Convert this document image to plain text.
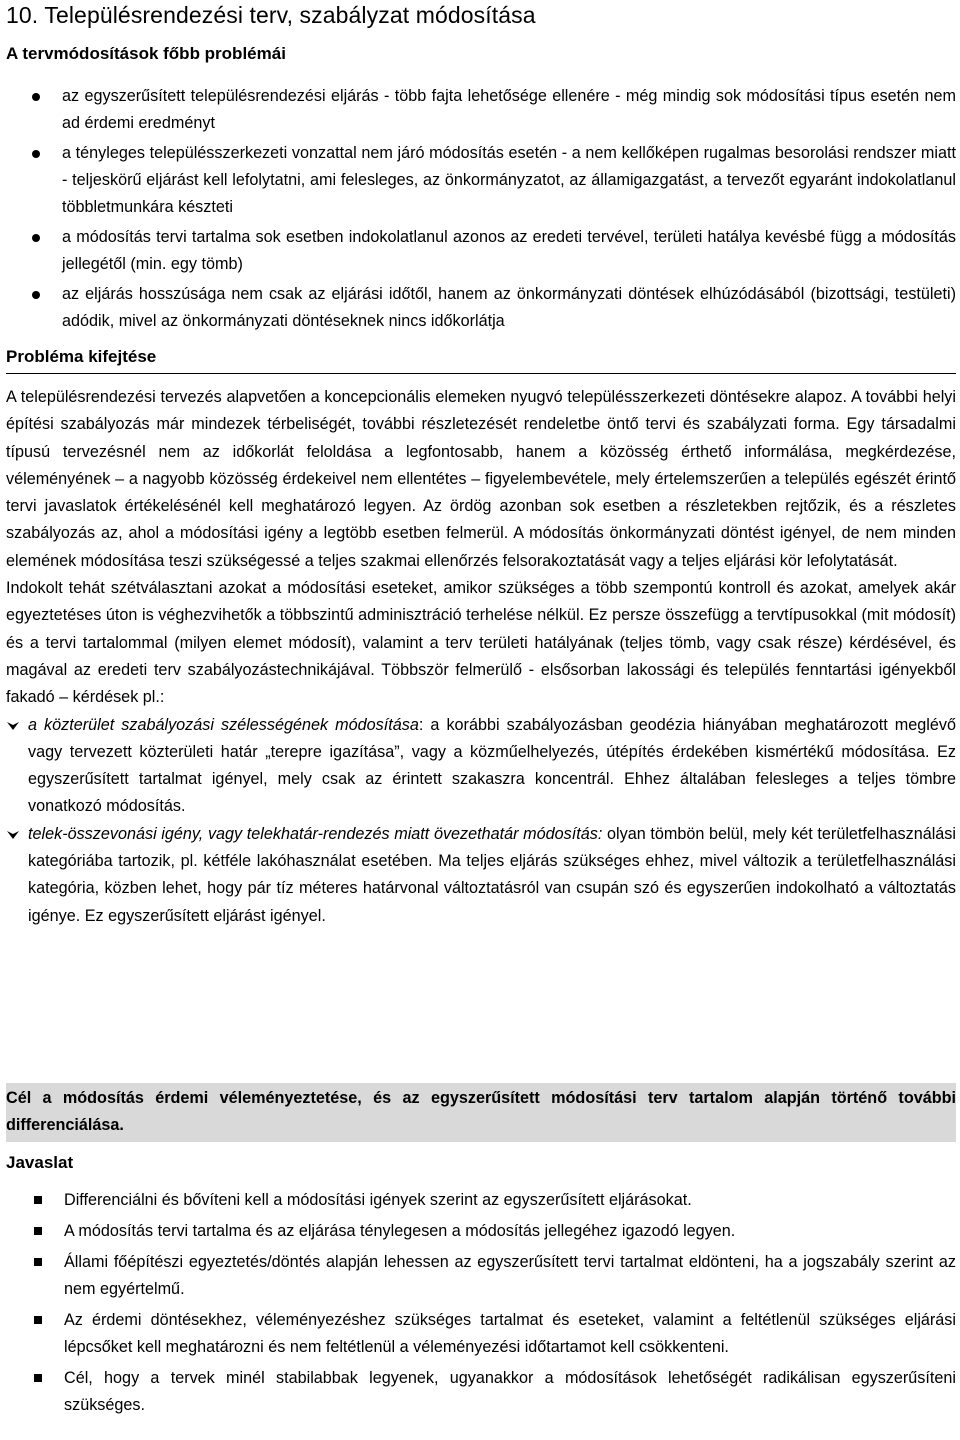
10. Településrendezési terv, szabályzat módosítása
A tervmódosítások főbb problémái
az egyszerűsített településrendezési eljárás - több fajta lehetősége ellenére - még mindig sok módosítási típus esetén nem ad érdemi eredményt
a tényleges településszerkezeti vonzattal nem járó módosítás esetén - a nem kellőképen rugalmas besorolási rendszer miatt - teljeskörű eljárást kell lefolytatni, ami felesleges, az önkormányzatot, az államigazgatást, a tervezőt egyaránt indokolatlanul többletmunkára készteti
a módosítás tervi tartalma sok esetben indokolatlanul azonos az eredeti tervével, területi hatálya kevésbé függ a módosítás jellegétől (min. egy tömb)
az eljárás hosszúsága nem csak az eljárási időtől, hanem az önkormányzati döntések elhúzódásából (bizottsági, testületi) adódik, mivel az önkormányzati döntéseknek nincs időkorlátja
Probléma kifejtése

A településrendezési tervezés alapvetően a koncepcionális elemeken nyugvó településszerkezeti döntésekre alapoz. A további helyi építési szabályozás már mindezek térbeliségét, további részletezését rendeletbe öntő tervi és szabályzati forma. Egy társadalmi típusú tervezésnél nem az időkorlát feloldása a legfontosabb, hanem a közösség érthető informálása, megkérdezése, véleményének – a nagyobb közösség érdekeivel nem ellentétes – figyelembevétele, mely értelemszerűen a település egészét érintő tervi javaslatok értékelésénél kell meghatározó legyen. Az ördög azonban sok esetben a részletekben rejtőzik, és a részletes szabályozás az, ahol a módosítási igény a legtöbb esetben felmerül. A módosítás önkormányzati döntést igényel, de nem minden elemének módosítása teszi szükségessé a teljes szakmai ellenőrzés felsorakoztatását vagy a teljes eljárási kör lefolytatását.

Indokolt tehát szétválasztani azokat a módosítási eseteket, amikor szükséges a több szempontú kontroll és azokat, amelyek akár egyeztetéses úton is véghezvihetők a többszintű adminisztráció terhelése nélkül. Ez persze összefügg a tervtípusokkal (mit módosít) és a tervi tartalommal (milyen elemet módosít), valamint a terv területi hatályának (teljes tömb, vagy csak része) kérdésével, és magával az eredeti terv szabályozástechnikájával. Többször felmerülő - elsősorban lakossági és település fenntartási igényekből fakadó – kérdések pl.:

a közterület szabályozási szélességének módosítása: a korábbi szabályozásban geodézia hiányában meghatározott meglévő vagy tervezett közterületi határ „terepre igazítása”, vagy a közműelhelyezés, útépítés érdekében kismértékű módosítása. Ez egyszerűsített tartalmat igényel, mely csak az érintett szakaszra koncentrál. Ehhez általában felesleges a teljes tömbre vonatkozó módosítás.
telek-összevonási igény, vagy telekhatár-rendezés miatt övezethatár módosítás: olyan tömbön belül, mely két területfelhasználási kategóriába tartozik, pl. kétféle lakóhasználat esetében. Ma teljes eljárás szükséges ehhez, mivel változik a területfelhasználási kategória, közben lehet, hogy pár tíz méteres határvonal változtatásról van csupán szó és egyszerűen indokolható a változtatás igénye. Ez egyszerűsített eljárást igényel.
Cél a módosítás érdemi véleményeztetése, és az egyszerűsített módosítási terv tartalom alapján történő további differenciálása.
Javaslat
Differenciálni és bővíteni kell a módosítási igények szerint az egyszerűsített eljárásokat.
A módosítás tervi tartalma és az eljárása ténylegesen a módosítás jellegéhez igazodó legyen.
Állami főépítészi egyeztetés/döntés alapján lehessen az egyszerűsített tervi tartalmat eldönteni, ha a jogszabály szerint az nem egyértelmű.
Az érdemi döntésekhez, véleményezéshez szükséges tartalmat és eseteket, valamint a feltétlenül szükséges eljárási lépcsőket kell meghatározni és nem feltétlenül a véleményezési időtartamot kell csökkenteni.
Cél, hogy a tervek minél stabilabbak legyenek, ugyanakkor a módosítások lehetőségét radikálisan egyszerűsíteni szükséges.
